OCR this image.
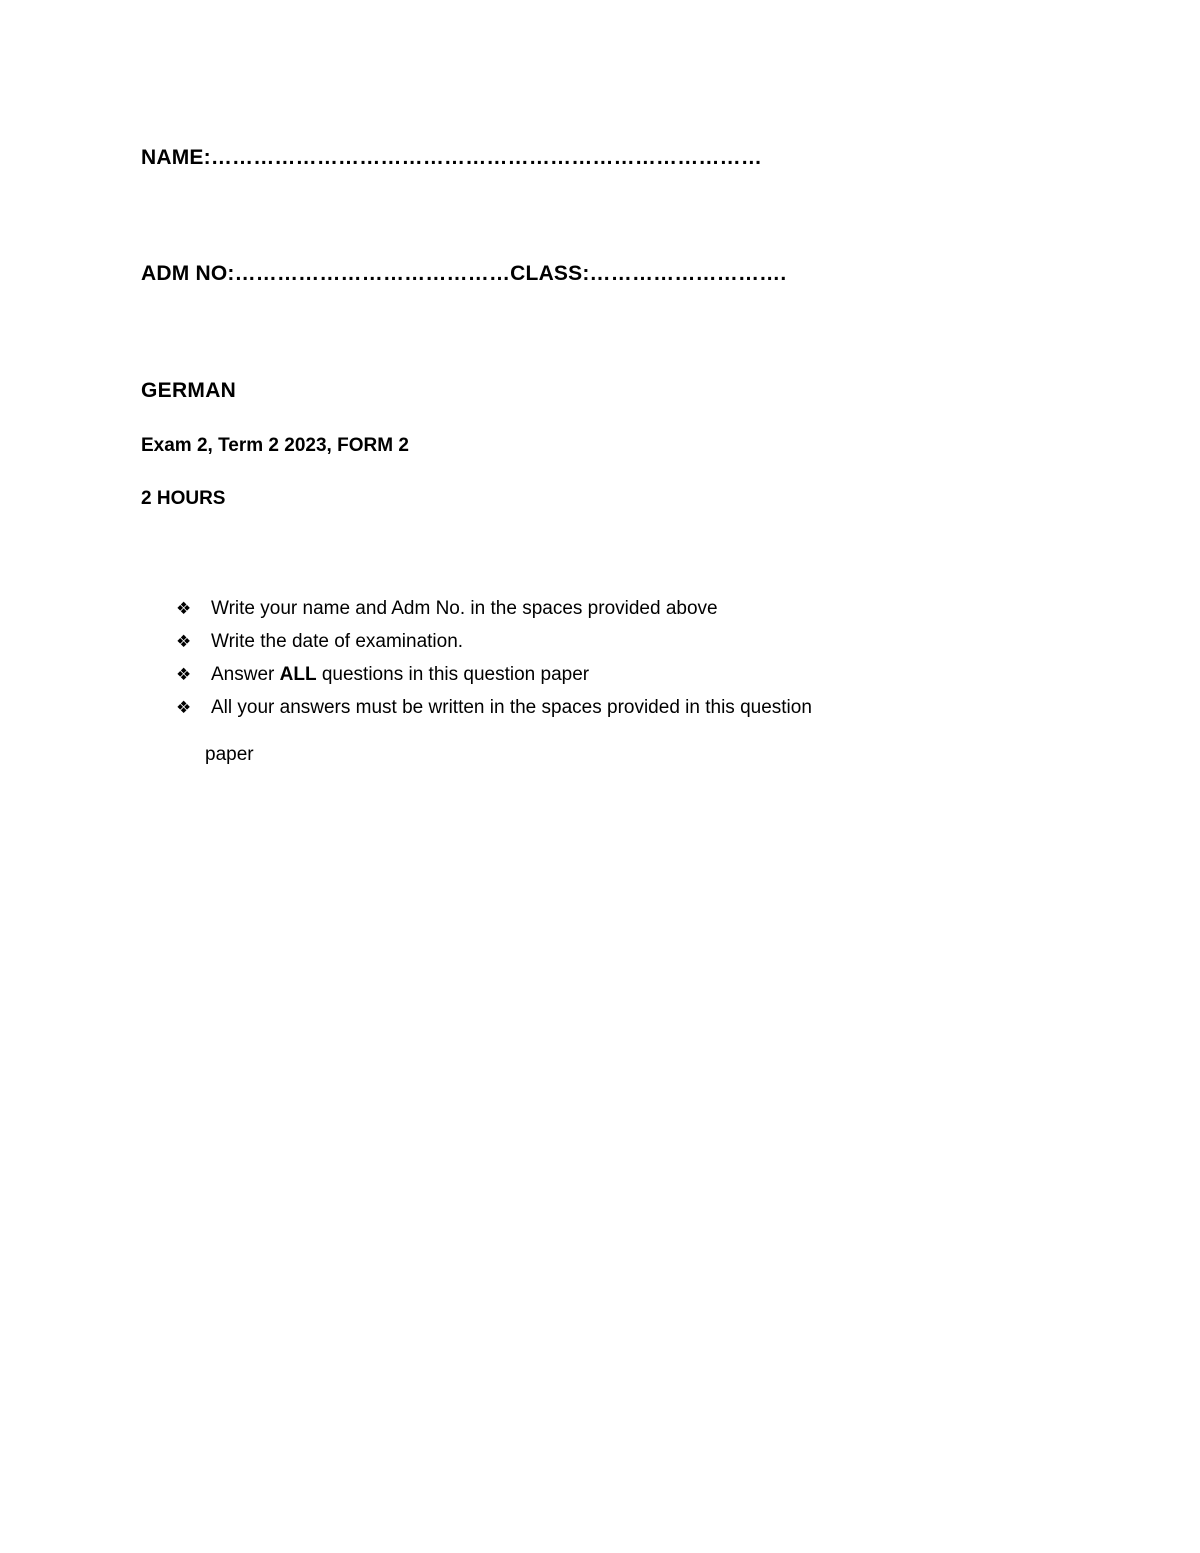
NAME:……………………………………………………………………
ADM NO:…………………………………CLASS:……………………….
GERMAN
Exam 2, Term 2 2023, FORM 2
2 HOURS
❖	Write your name and Adm No. in the spaces provided above
❖	Write the date of examination.
❖	Answer ALL questions in this question paper
❖	All your answers must be written in the spaces provided in this question
paper
